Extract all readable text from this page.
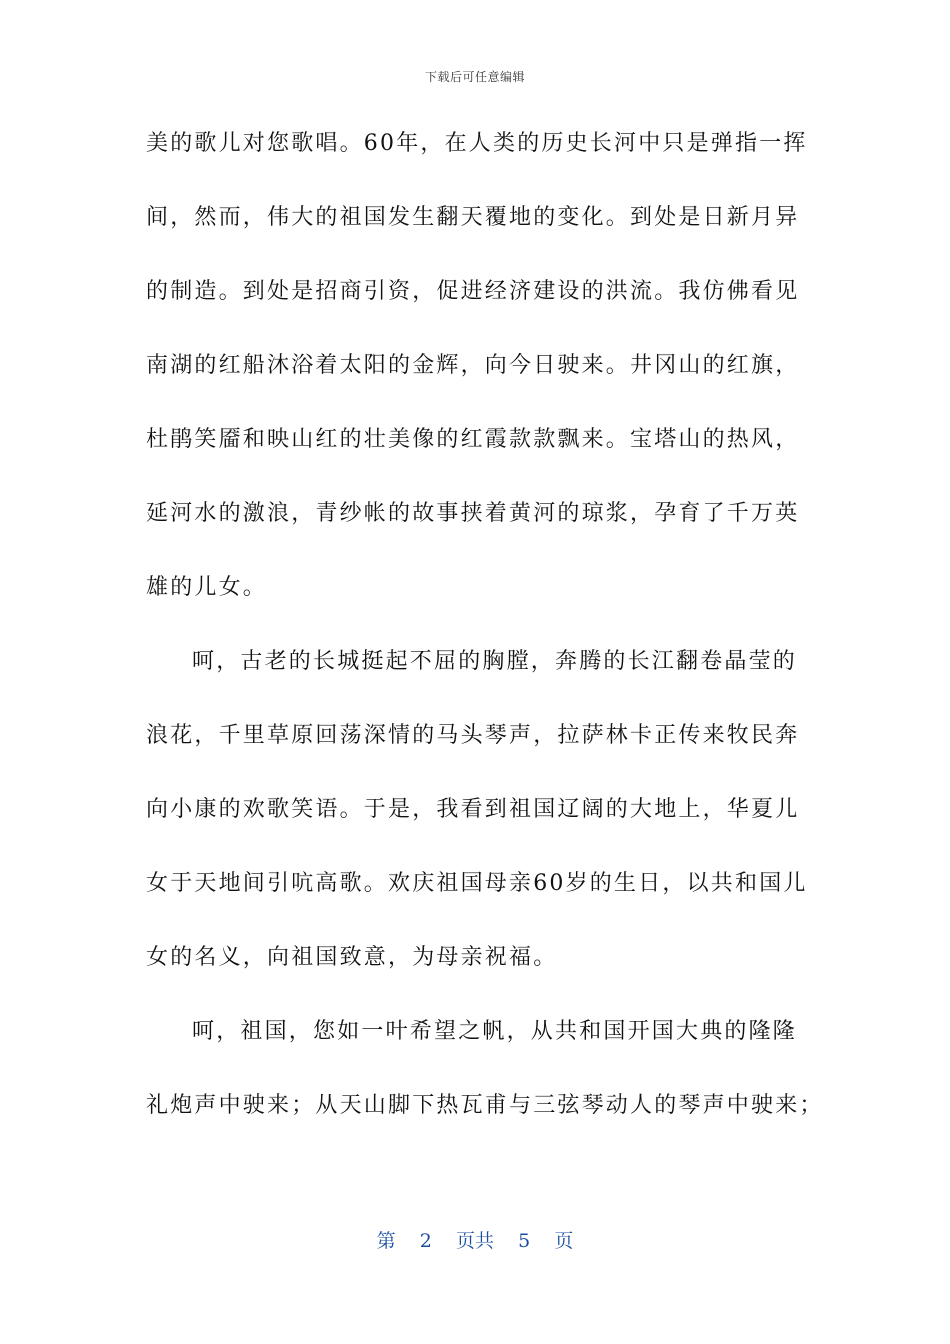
下载后可任意编辑
美的歌儿对您歌唱。60年，在人类的历史长河中只是弹指一挥
间，然而，伟大的祖国发生翻天覆地的变化。到处是日新月异
的制造。到处是招商引资，促进经济建设的洪流。我仿佛看见
南湖的红船沐浴着太阳的金辉，向今日驶来。井冈山的红旗，
杜鹃笑靥和映山红的壮美像的红霞款款飘来。宝塔山的热风，
延河水的激浪，青纱帐的故事挟着黄河的琼浆，孕育了千万英
雄的儿女。
呵，古老的长城挺起不屈的胸膛，奔腾的长江翻卷晶莹的
浪花，千里草原回荡深情的马头琴声，拉萨林卡正传来牧民奔
向小康的欢歌笑语。于是，我看到祖国辽阔的大地上，华夏儿
女于天地间引吭高歌。欢庆祖国母亲60岁的生日，以共和国儿
女的名义，向祖国致意，为母亲祝福。
呵，祖国，您如一叶希望之帆，从共和国开国大典的隆隆
礼炮声中驶来；从天山脚下热瓦甫与三弦琴动人的琴声中驶来；
第 2 页共 5 页
